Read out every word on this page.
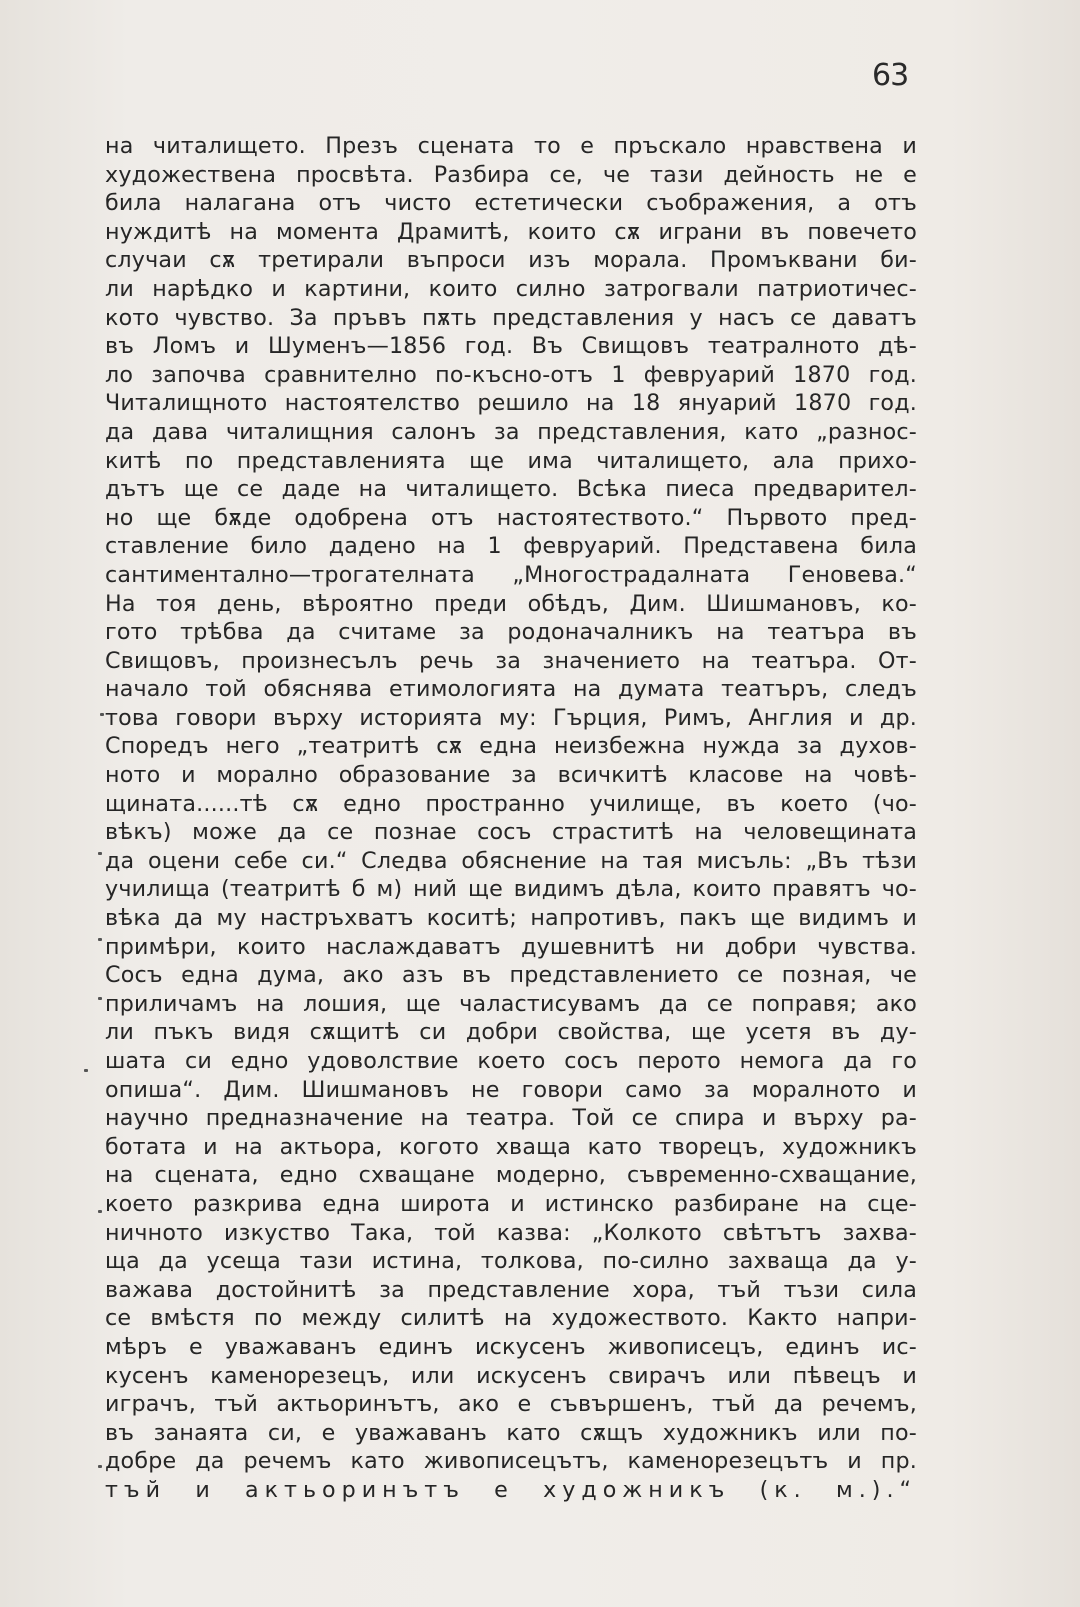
63
на читалището. Презъ сцената то е пръскало нравствена и
художествена просвѣта. Разбира се, че тази дейность не е
била налагана отъ чисто естетически съображения, а отъ
нуждитѣ на момента Драмитѣ, които сѫ играни въ повечето
случаи сѫ третирали въпроси изъ морала. Промъквани би-
ли нарѣдко и картини, които силно затрогвали патриотичес-
кото чувство. За пръвъ пѫть представления у насъ се даватъ
въ Ломъ и Шуменъ—1856 год. Въ Свищовъ театралното дѣ-
ло започва сравнително по-късно-отъ 1 февруарий 1870 год.
Читалищното настоятелство решило на 18 януарий 1870 год.
да дава читалищния салонъ за представления, като „разнос-
китѣ по представленията ще има читалището, ала прихо-
дътъ ще се даде на читалището. Всѣка пиеса предварител-
но ще бѫде одобрена отъ настоятеството.“ Първото пред-
ставление било дадено на 1 февруарий. Представена била
сантиментално—трогателната „Многострадалната Геновева.“
На тоя день, вѣроятно преди обѣдъ, Дим. Шишмановъ, ко-
гото трѣбва да считаме за родоначалникъ на театъра въ
Свищовъ, произнесълъ речь за значението на театъра. От-
начало той обяснява етимологията на думата театъръ, следъ
това говори върху историята му: Гърция, Римъ, Англия и др.
Споредъ него „театритѣ сѫ една неизбежна нужда за духов-
ното и морално образование за всичкитѣ класове на човѣ-
щината......тѣ сѫ едно пространно училище, въ което (чо-
вѣкъ) може да се познае сосъ страститѣ на человещината
да оцени себе си.“ Следва обяснение на тая мисъль: „Въ тѣзи
училища (театритѣ б м) ний ще видимъ дѣла, които правятъ чо-
вѣка да му настръхватъ коситѣ; напротивъ, пакъ ще видимъ и
примѣри, които наслаждаватъ душевнитѣ ни добри чувства.
Сосъ една дума, ако азъ въ представлението се позная, че
приличамъ на лошия, ще чаластисувамъ да се поправя; ако
ли пъкъ видя сѫщитѣ си добри свойства, ще усетя въ ду-
шата си едно удоволствие което сосъ перото немога да го
опиша“. Дим. Шишмановъ не говори само за моралното и
научно предназначение на театра. Той се спира и върху ра-
ботата и на актьора, когото хваща като творецъ, художникъ
на сцената, едно схващане модерно, съвременно-схващание,
което разкрива една широта и истинско разбиране на сце-
ничното изкуство Така, той казва: „Колкото свѣтътъ захва-
ща да усеща тази истина, толкова, по-силно захваща да у-
важава достойнитѣ за представление хора, тъй тъзи сила
се вмѣстя по между силитѣ на художеството. Както напри-
мѣръ е уважаванъ единъ искусенъ живописецъ, единъ ис-
кусенъ каменорезецъ, или искусенъ свирачъ или пѣвецъ и
играчъ, тъй актьоринътъ, ако е съвършенъ, тъй да речемъ,
въ занаята си, е уважаванъ като сѫщъ художникъ или по-
добре да речемъ като живописецътъ, каменорезецътъ и пр.
тъй и актьоринътъ е художникъ (к. м.).“
